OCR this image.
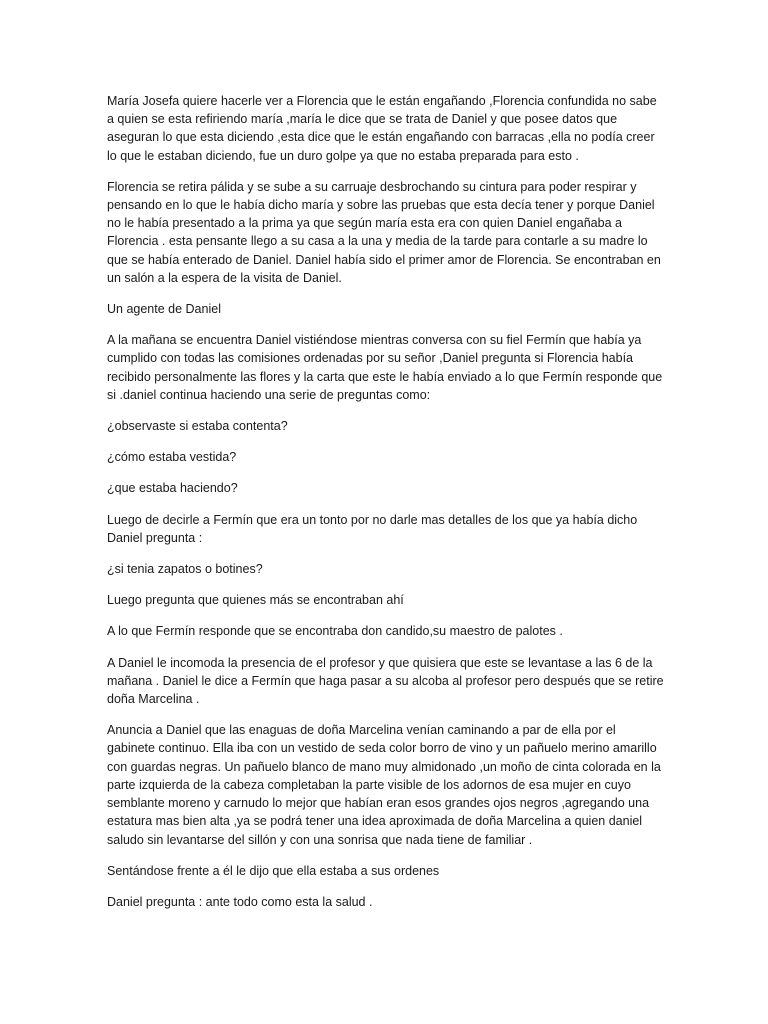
María Josefa quiere hacerle ver a Florencia que le están engañando ,Florencia confundida no sabe a quien se esta refiriendo maría ,maría le dice que se trata de Daniel y que posee datos que aseguran lo que esta diciendo ,esta dice que le están engañando con barracas ,ella no podía creer lo que le estaban diciendo, fue un duro golpe ya que no estaba preparada para esto .

Florencia se retira pálida y se sube a su carruaje desbrochando su cintura para poder respirar y pensando en lo que le había dicho maría y sobre las pruebas que esta decía tener y porque Daniel no le había presentado a la prima ya que según maría esta era con quien Daniel engañaba a Florencia . esta pensante llego a su casa a la una y media de la tarde para contarle a su madre lo que se había enterado de Daniel. Daniel había sido el primer amor de Florencia. Se encontraban en un salón a la espera de la visita de Daniel.

Un agente de Daniel

A la mañana se encuentra Daniel vistiéndose mientras conversa con su fiel Fermín que había ya cumplido con todas las comisiones ordenadas por su señor ,Daniel pregunta si Florencia había recibido personalmente las flores y la carta que este le había enviado a lo que Fermín responde que si .daniel continua haciendo una serie de preguntas como:

¿observaste si estaba contenta?

¿cómo estaba vestida?

¿que estaba haciendo?

Luego de decirle a Fermín que era un tonto por no darle mas detalles de los que ya había dicho Daniel pregunta :

¿si tenia zapatos o botines?

Luego pregunta que quienes más se encontraban ahí

A lo que Fermín responde que se encontraba don candido,su maestro de palotes .

A Daniel le incomoda la presencia de el profesor y que quisiera que este se levantase a las 6 de la mañana . Daniel le dice a Fermín que haga pasar a su alcoba al profesor pero después que se retire doña Marcelina .

Anuncia a Daniel que las enaguas de doña Marcelina venían caminando a par de ella por el gabinete continuo. Ella iba con un vestido de seda color borro de vino y un pañuelo merino amarillo con guardas negras. Un pañuelo blanco de mano muy almidonado ,un moño de cinta colorada en la parte izquierda de la cabeza completaban la parte visible de los adornos de esa mujer en cuyo semblante moreno y carnudo lo mejor que habían eran esos grandes ojos negros ,agregando una estatura mas bien alta ,ya se podrá tener una idea aproximada de doña Marcelina a quien daniel saludo sin levantarse del sillón y con una sonrisa que nada tiene de familiar .

Sentándose frente a él le dijo que ella estaba a sus ordenes

Daniel pregunta : ante todo como esta la salud .
